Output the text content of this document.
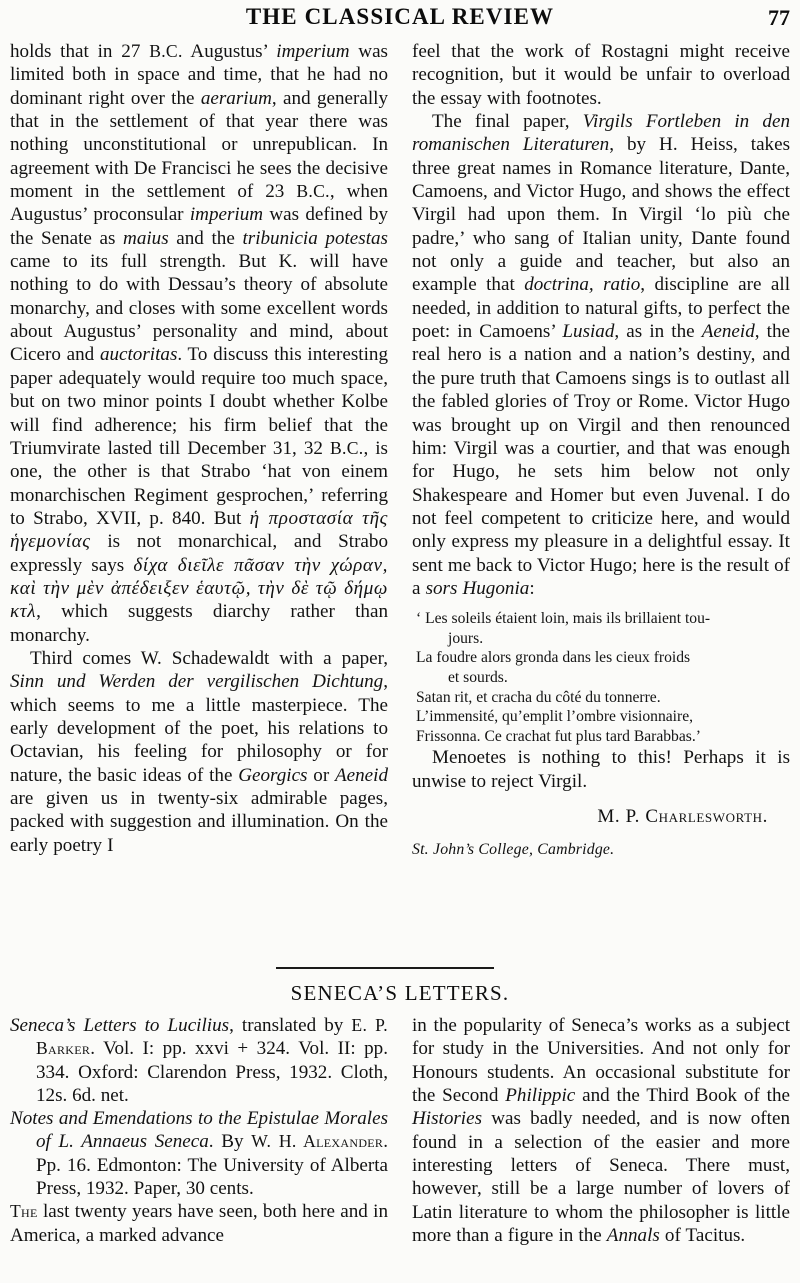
THE CLASSICAL REVIEW	77

holds that in 27 B.C. Augustus’ imperium was limited both in space and time, that he had no dominant right over the aerarium, and generally that in the settlement of that year there was nothing unconstitutional or unrepublican. In agreement with De Francisci he sees the decisive moment in the settlement of 23 B.C., when Augustus’ proconsular imperium was defined by the Senate as maius and the tribunicia potestas came to its full strength. But K. will have nothing to do with Dessau’s theory of absolute monarchy, and closes with some excellent words about Augustus’ personality and mind, about Cicero and auctoritas. To discuss this interesting paper adequately would require too much space, but on two minor points I doubt whether Kolbe will find adherence; his firm belief that the Triumvirate lasted till December 31, 32 B.C., is one, the other is that Strabo ‘hat von einem monarchischen Regiment gesprochen,’ referring to Strabo, XVII, p. 840. But ἡ προστασία τῆς ἡγεμονίας is not monarchical, and Strabo expressly says δίχα διεῖλε πᾶσαν τὴν χώραν, καὶ τὴν μὲν ἀπέδειξεν ἑαυτῷ, τὴν δὲ τῷ δήμῳ κτλ, which suggests diarchy rather than monarchy.

Third comes W. Schadewaldt with a paper, Sinn und Werden der vergilischen Dichtung, which seems to me a little masterpiece. The early development of the poet, his relations to Octavian, his feeling for philosophy or for nature, the basic ideas of the Georgics or Aeneid are given us in twenty-six admirable pages, packed with suggestion and illumination. On the early poetry I

feel that the work of Rostagni might receive recognition, but it would be unfair to overload the essay with footnotes.

The final paper, Virgils Fortleben in den romanischen Literaturen, by H. Heiss, takes three great names in Romance literature, Dante, Camoens, and Victor Hugo, and shows the effect Virgil had upon them. In Virgil ‘lo più che padre,’ who sang of Italian unity, Dante found not only a guide and teacher, but also an example that doctrina, ratio, discipline are all needed, in addition to natural gifts, to perfect the poet: in Camoens’ Lusiad, as in the Aeneid, the real hero is a nation and a nation’s destiny, and the pure truth that Camoens sings is to outlast all the fabled glories of Troy or Rome. Victor Hugo was brought up on Virgil and then renounced him: Virgil was a courtier, and that was enough for Hugo, he sets him below not only Shakespeare and Homer but even Juvenal. I do not feel competent to criticize here, and would only express my pleasure in a delightful essay. It sent me back to Victor Hugo; here is the result of a sors Hugonia:

‘ Les soleils étaient loin, mais ils brillaient tou-
jours.
La foudre alors gronda dans les cieux froids
et sourds.
Satan rit, et cracha du côté du tonnerre.
L’immensité, qu’emplit l’ombre visionnaire,
Frissonna. Ce crachat fut plus tard Barabbas.’

Menoetes is nothing to this! Perhaps it is unwise to reject Virgil.

M. P. Charlesworth.

St. John’s College, Cambridge.

SENECA’S LETTERS.

Seneca’s Letters to Lucilius, translated by E. P. Barker. Vol. I: pp. xxvi + 324. Vol. II: pp. 334. Oxford: Clarendon Press, 1932. Cloth, 12s. 6d. net.

Notes and Emendations to the Epistulae Morales of L. Annaeus Seneca. By W. H. Alexander. Pp. 16. Edmonton: The University of Alberta Press, 1932. Paper, 30 cents.

The last twenty years have seen, both here and in America, a marked advance

in the popularity of Seneca’s works as a subject for study in the Universities. And not only for Honours students. An occasional substitute for the Second Philippic and the Third Book of the Histories was badly needed, and is now often found in a selection of the easier and more interesting letters of Seneca. There must, however, still be a large number of lovers of Latin literature to whom the philosopher is little more than a figure in the Annals of Tacitus.
